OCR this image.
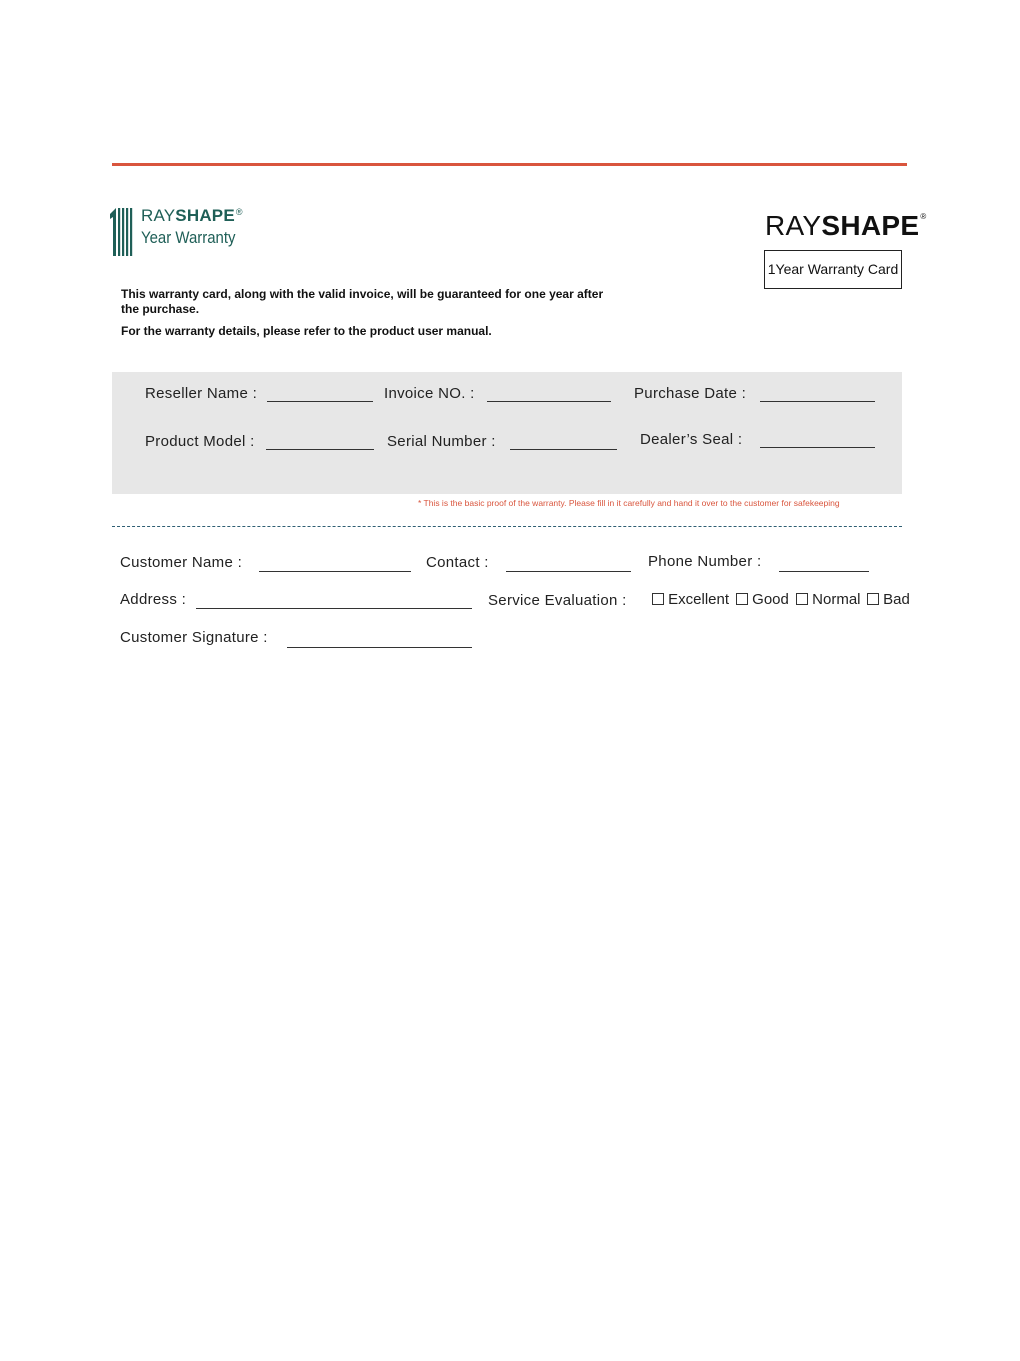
RAYSHAPE®
Year Warranty	RAYSHAPE®
1Year Warranty Card
This warranty card, along with the valid invoice, will be guaranteed for one year after the purchase.
For the warranty details, please refer to the product user manual.
Reseller Name :	Invoice NO. :	Purchase Date :
Product Model :	Serial Number :	Dealer’s Seal :
* This is the basic proof of the warranty. Please fill in it carefully and hand it over to the customer for safekeeping
Customer Name :	Contact :	Phone Number :
Address :	Service Evaluation :	Excellent	Good	Normal	Bad
Customer Signature :
